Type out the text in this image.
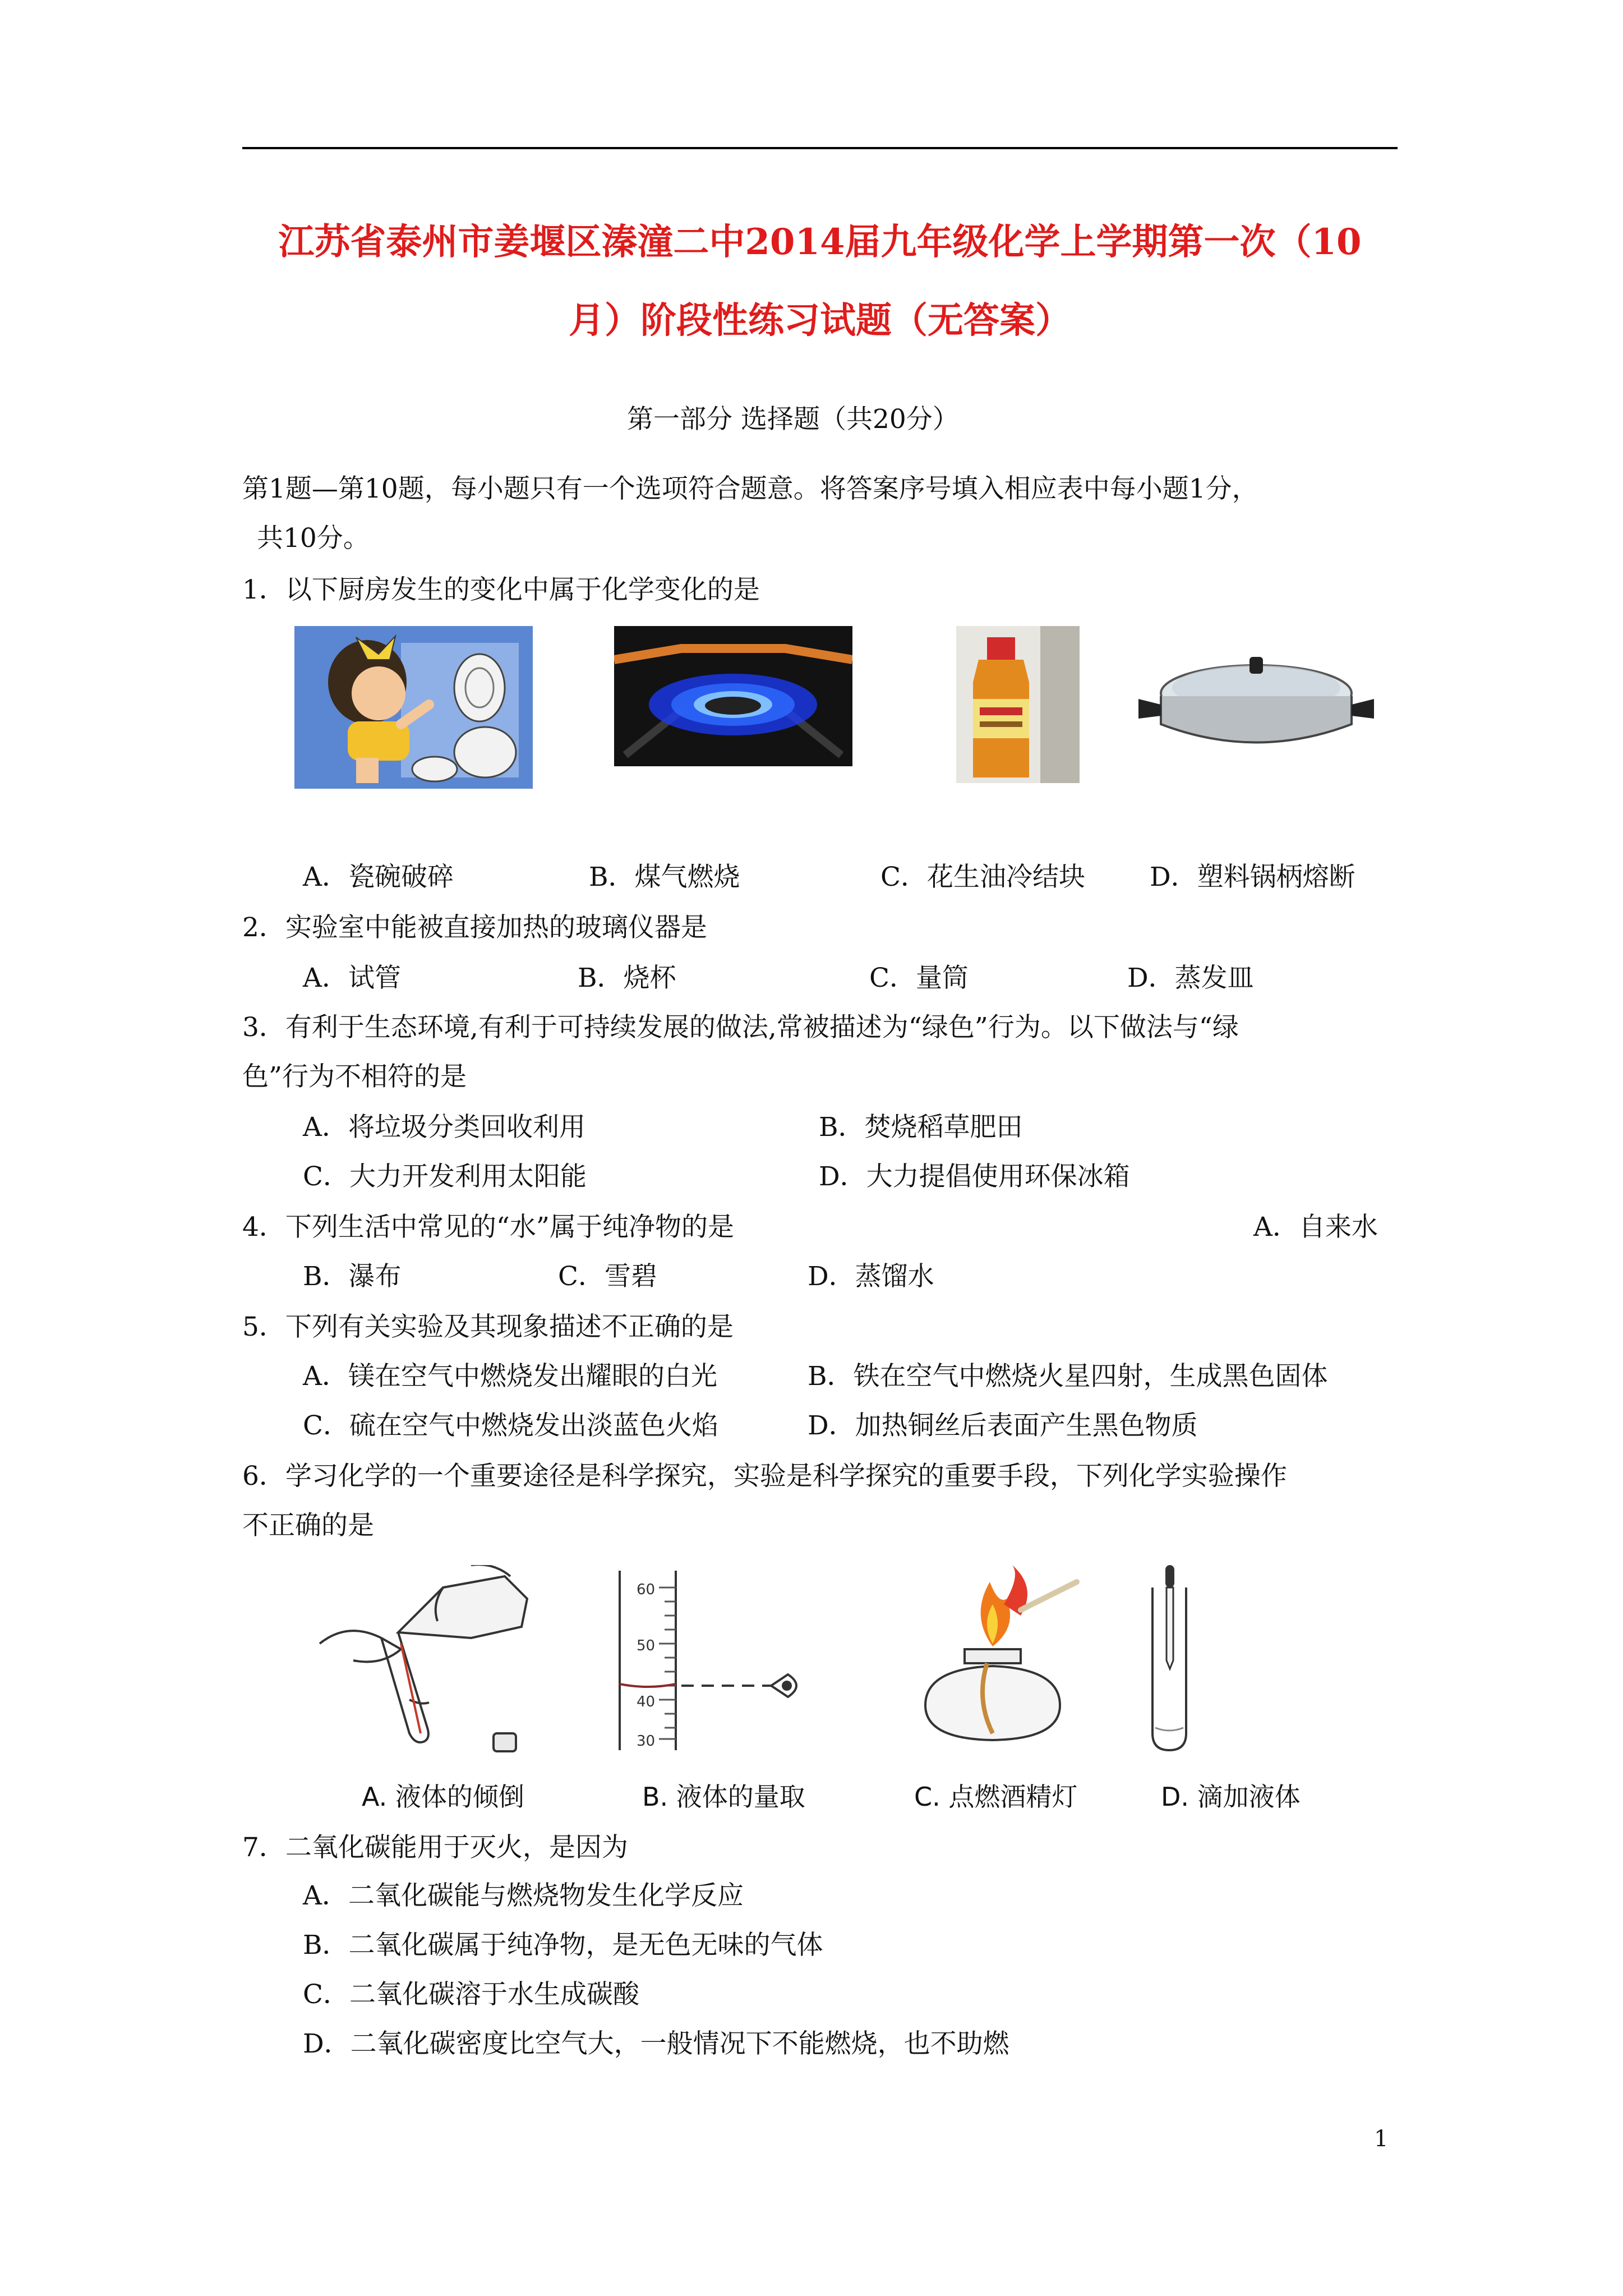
江苏省泰州市姜堰区溱潼二中2014届九年级化学上学期第一次（10
月）阶段性练习试题（无答案）
第一部分 选择题（共20分）
第1题—第10题，每小题只有一个选项符合题意。将答案序号填入相应表中每小题1分，
共10分。
1．以下厨房发生的变化中属于化学变化的是
A．瓷碗破碎	B．煤气燃烧	C．花生油冷结块 D．塑料锅柄熔断
2．实验室中能被直接加热的玻璃仪器是
A．试管	B．烧杯	C．量筒	D．蒸发皿
3．有利于生态环境,有利于可持续发展的做法,常被描述为“绿色”行为。以下做法与“绿
色”行为不相符的是
A．将垃圾分类回收利用	B．焚烧稻草肥田
C．大力开发利用太阳能	D．大力提倡使用环保冰箱
4．下列生活中常见的“水”属于纯净物的是	A．自来水
B．瀑布	C．雪碧	D．蒸馏水
5．下列有关实验及其现象描述不正确的是
A．镁在空气中燃烧发出耀眼的白光	B．铁在空气中燃烧火星四射，生成黑色固体
C．硫在空气中燃烧发出淡蓝色火焰	D．加热铜丝后表面产生黑色物质
6．学习化学的一个重要途径是科学探究，实验是科学探究的重要手段，下列化学实验操作
不正确的是
60
50
40
30
A. 液体的倾倒	B. 液体的量取	C. 点燃酒精灯	D. 滴加液体
7．二氧化碳能用于灭火，是因为
A．二氧化碳能与燃烧物发生化学反应
B．二氧化碳属于纯净物，是无色无味的气体
C．二氧化碳溶于水生成碳酸
D．二氧化碳密度比空气大，一般情况下不能燃烧，也不助燃
1
